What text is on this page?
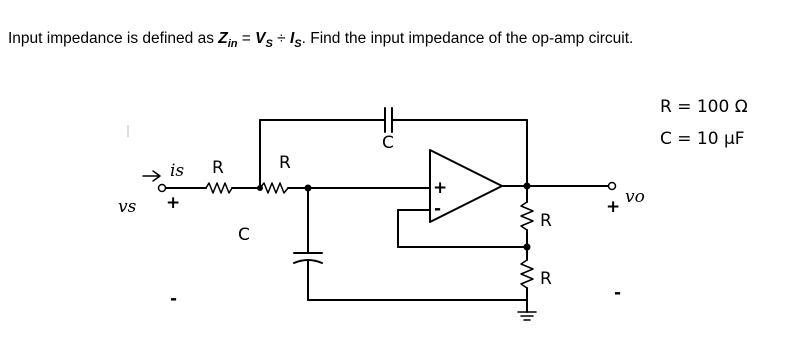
Input impedance is defined as $Z_{in} = V_S \div I_S$. Find the input impedance of the op-amp circuit.
is
vs +
-
R	R
C
C
+
-
R
R
vo
+
-
R = 100 Ω
C = 10 μF
